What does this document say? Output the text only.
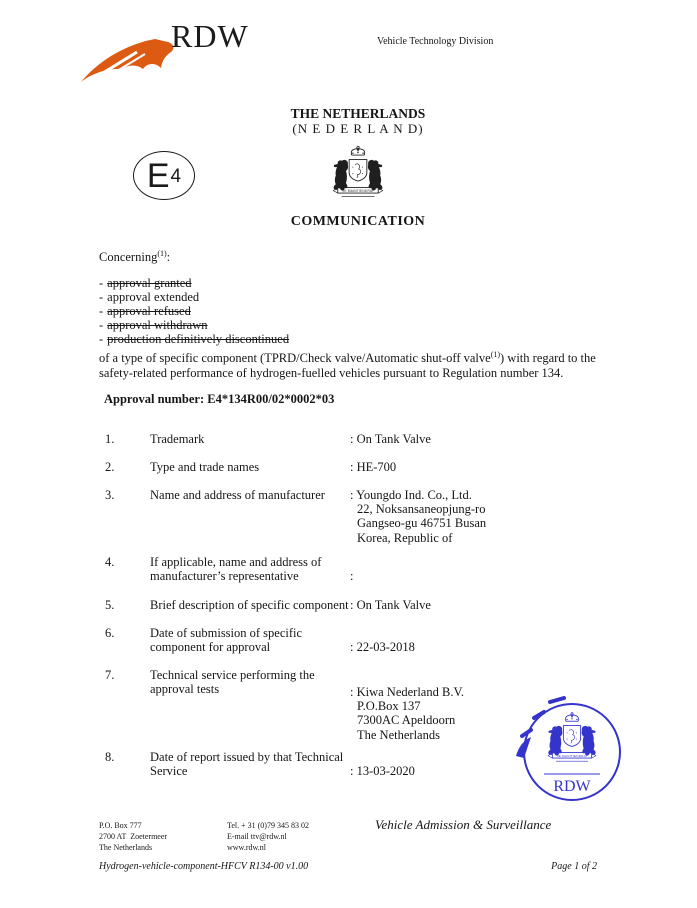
RDW	Vehicle Technology Division
THE NETHERLANDS
(N E D E R L A N D)
E 4
COMMUNICATION
Concerning$^{(1)}$:
- approval granted
- approval extended
- approval refused
- approval withdrawn
- production definitively discontinued
of a type of specific component (TPRD/Check valve/Automatic shut-off valve$^{(1)}$) with regard to the
safety-related performance of hydrogen-fuelled vehicles pursuant to Regulation number 134.
Approval number: E4*134R00/02*0002*03
1.	Trademark	: On Tank Valve
2.	Type and trade names	: HE-700
3.	Name and address of manufacturer : Youngdo Ind. Co., Ltd.
22, Noksansaneopjung-ro
Gangseo-gu 46751 Busan
Korea, Republic of
4.	If applicable, name and address of
manufacturer’s representative	:
5.	Brief description of specific component : On Tank Valve
6.	Date of submission of specific
component for approval	: 22-03-2018
7.	Technical service performing the
approval tests	: Kiwa Nederland B.V.
P.O.Box 137
7300AC Apeldoorn
The Netherlands
8.	Date of report issued by that Technical
Service	: 13-03-2020
RDW
P.O. Box 777
2700 AT  Zoetermeer
The Netherlands
Tel. + 31 (0)79 345 83 02
E-mail ttv@rdw.nl
www.rdw.nl
Vehicle Admission & Surveillance
Hydrogen-vehicle-component-HFCV R134-00 v1.00	Page 1 of 2
